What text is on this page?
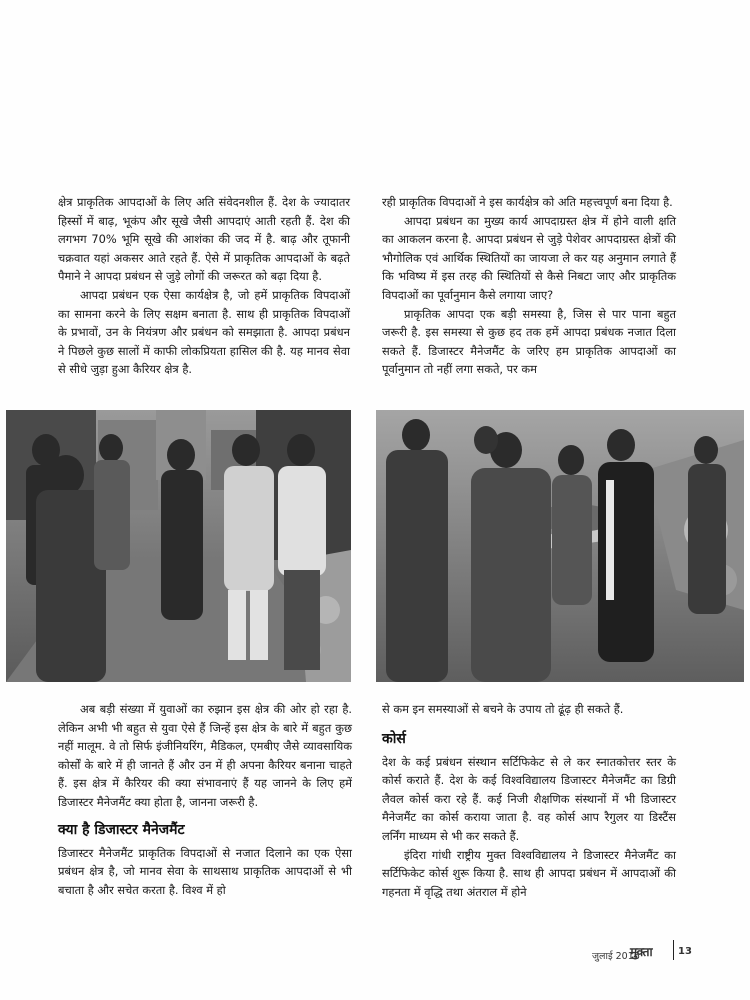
क्षेत्र प्राकृतिक आपदाओं के लिए अति संवेदनशील हैं. देश के ज्यादातर हिस्सों में बाढ़, भूकंप और सूखे जैसी आपदाएं आती रहती हैं. देश की लगभग 70% भूमि सूखे की आशंका की जद में है. बाढ़ और तूफानी चक्रवात यहां अकसर आते रहते हैं. ऐसे में प्राकृतिक आपदाओं के बढ़ते पैमाने ने आपदा प्रबंधन से जुड़े लोगों की जरूरत को बढ़ा दिया है.

आपदा प्रबंधन एक ऐसा कार्यक्षेत्र है, जो हमें प्राकृतिक विपदाओं का सामना करने के लिए सक्षम बनाता है. साथ ही प्राकृतिक विपदाओं के प्रभावों, उन के नियंत्रण और प्रबंधन को समझाता है. आपदा प्रबंधन ने पिछले कुछ सालों में काफी लोकप्रियता हासिल की है. यह मानव सेवा से सीधे जुड़ा हुआ कैरियर क्षेत्र है.

रही प्राकृतिक विपदाओं ने इस कार्यक्षेत्र को अति महत्त्वपूर्ण बना दिया है.

आपदा प्रबंधन का मुख्य कार्य आपदाग्रस्त क्षेत्र में होने वाली क्षति का आकलन करना है. आपदा प्रबंधन से जुड़े पेशेवर आपदाग्रस्त क्षेत्रों की भौगोलिक एवं आर्थिक स्थितियों का जायजा ले कर यह अनुमान लगाते हैं कि भविष्य में इस तरह की स्थितियों से कैसे निबटा जाए और प्राकृतिक विपदाओं का पूर्वानुमान कैसे लगाया जाए?

प्राकृतिक आपदा एक बड़ी समस्या है, जिस से पार पाना बहुत जरूरी है. इस समस्या से कुछ हद तक हमें आपदा प्रबंधक नजात दिला सकते हैं. डिजास्टर मैनेजमैंट के जरिए हम प्राकृतिक आपदाओं का पूर्वानुमान तो नहीं लगा सकते, पर कम

अब बड़ी संख्या में युवाओं का रुझान इस क्षेत्र की ओर हो रहा है. लेकिन अभी भी बहुत से युवा ऐसे हैं जिन्हें इस क्षेत्र के बारे में बहुत कुछ नहीं मालूम. वे तो सिर्फ इंजीनियरिंग, मैडिकल, एमबीए जैसे व्यावसायिक कोर्सों के बारे में ही जानते हैं और उन में ही अपना कैरियर बनाना चाहते हैं. इस क्षेत्र में कैरियर की क्या संभावनाएं हैं यह जानने के लिए हमें डिजास्टर मैनेजमैंट क्या होता है, जानना जरूरी है.

क्या है डिजास्टर मैनेजमैंट

डिजास्टर मैनेजमैंट प्राकृतिक विपदाओं से नजात दिलाने का एक ऐसा प्रबंधन क्षेत्र है, जो मानव सेवा के साथसाथ प्राकृतिक आपदाओं से भी बचाता है और सचेत करता है. विश्व में हो

से कम इन समस्याओं से बचने के उपाय तो ढूंढ़ ही सकते हैं.

कोर्स

देश के कई प्रबंधन संस्थान सर्टिफिकेट से ले कर स्नातकोत्तर स्तर के कोर्स कराते हैं. देश के कई विश्वविद्यालय डिजास्टर मैनेजमैंट का डिग्री लैवल कोर्स करा रहे हैं. कई निजी शैक्षणिक संस्थानों में भी डिजास्टर मैनेजमैंट का कोर्स कराया जाता है. वह कोर्स आप रैगुलर या डिस्टैंस लर्निंग माध्यम से भी कर सकते हैं.

इंदिरा गांधी राष्ट्रीय मुक्त विश्वविद्यालय ने डिजास्टर मैनेजमैंट का सर्टिफिकेट कोर्स शुरू किया है. साथ ही आपदा प्रबंधन में आपदाओं की गहनता में वृद्धि तथा अंतराल में होने

जुलाई 2016
मुक्ता	13
